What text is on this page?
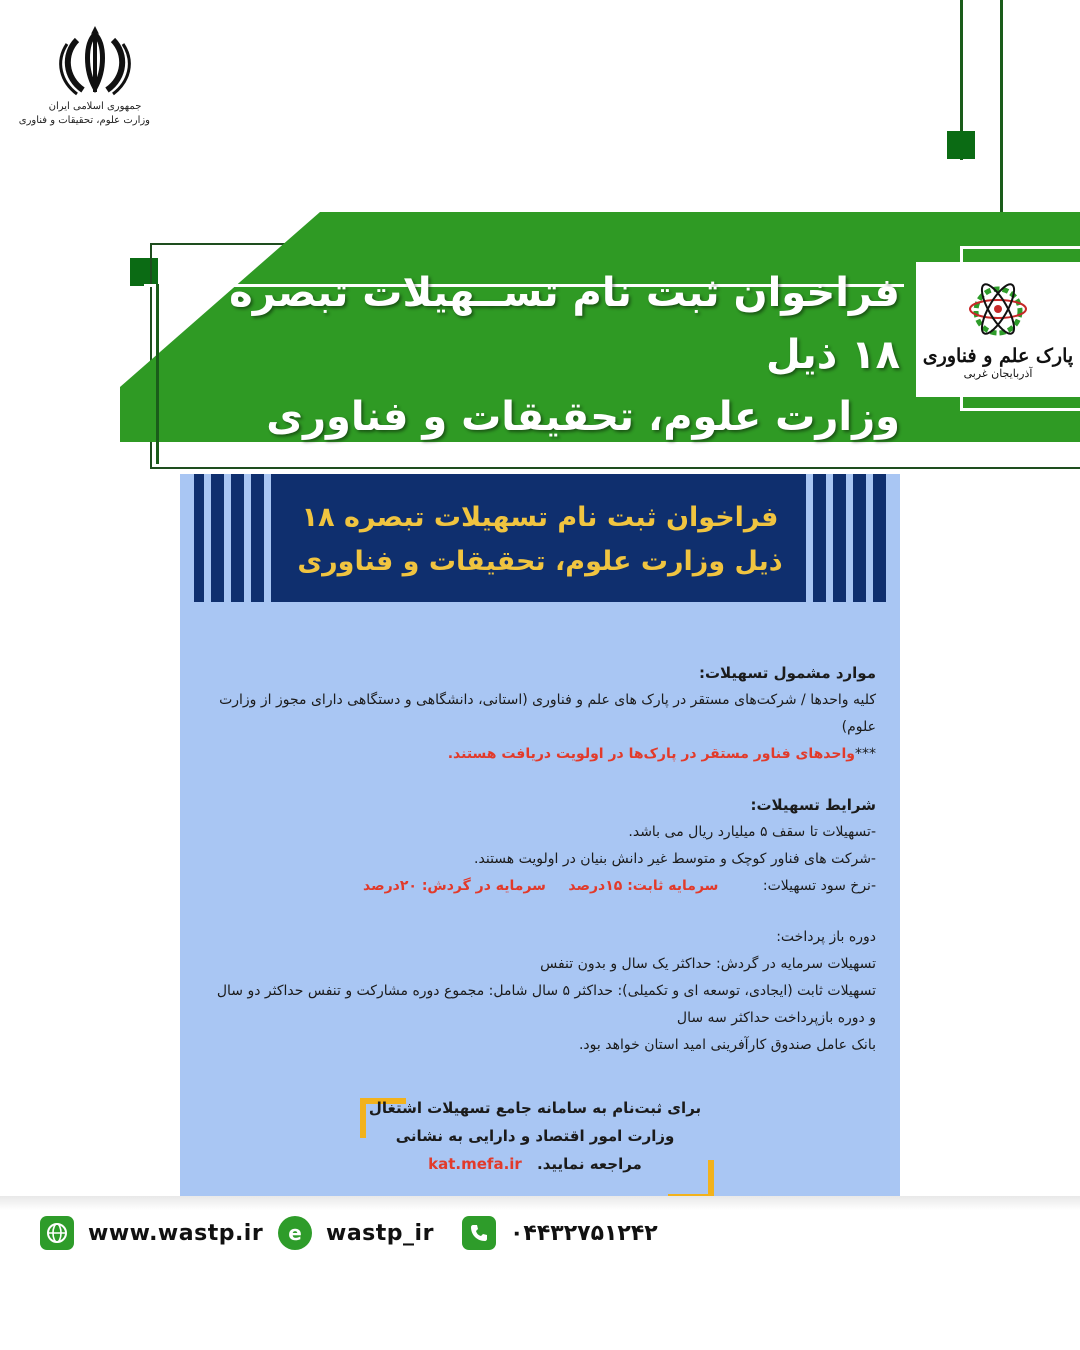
جمهوری اسلامی ایران
وزارت علوم، تحقیقات و فناوری
فراخوان ثبت نام تســهیلات تبصره ۱۸ ذیل
وزارت علوم، تحقیقات و فناوری
پارک علم و فناوری
آذربایجان غربی
فراخوان ثبت نام تسهیلات تبصره ۱۸
ذیل وزارت علوم، تحقیقات و فناوری
موارد مشمول تسهیلات:
کلیه واحدها / شرکت‌های مستقر در پارک های علم و فناوری (استانی، دانشگاهی و دستگاهی دارای مجوز از وزارت علوم)
***واحدهای فناور مستقر در پارک‌ها در اولویت دریافت هستند.
شرایط تسهیلات:
-تسهیلات تا سقف ۵ میلیارد ریال می باشد.
-شرکت های فناور کوچک و متوسط غیر دانش بنیان در اولویت هستند.
-نرخ سود تسهیلات: سرمایه ثابت: ۱۵درصد سرمایه در گردش: ۲۰درصد
دوره باز پرداخت:
تسهیلات سرمایه در گردش: حداکثر یک سال و بدون تنفس
تسهیلات ثابت (ایجادی، توسعه ای و تکمیلی): حداکثر ۵ سال شامل: مجموع دوره مشارکت و تنفس حداکثر دو سال
و دوره بازپرداخت حداکثر سه سال
بانک عامل صندوق کارآفرینی امید استان خواهد بود.
برای ثبت‌نام به سامانه جامع تسهیلات اشتغال
وزارت امور اقتصاد و دارایی به نشانی
مراجعه نمایید. kat.mefa.ir
www.wastp.ir	e	wastp_ir	۰۴۴۳۲۷۵۱۲۴۲
